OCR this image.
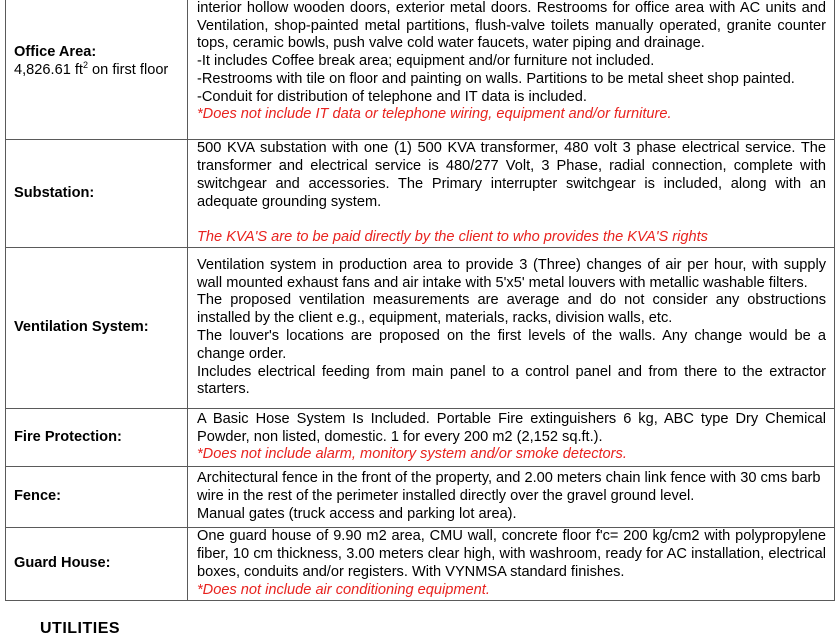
Office Area:
4,826.61 $ft^2$ on first floor	interior hollow wooden doors, exterior metal doors. Restrooms for office area with AC units and Ventilation, shop-painted metal partitions, flush-valve toilets manually operated, granite counter tops, ceramic bowls, push valve cold water faucets, water piping and drainage.
-It includes Coffee break area; equipment and/or furniture not included.
-Restrooms with tile on floor and painting on walls. Partitions to be metal sheet shop painted.
-Conduit for distribution of telephone and IT data is included.
*Does not include IT data or telephone wiring, equipment and/or furniture.

Substation:	500 KVA substation with one (1) 500 KVA transformer, 480 volt 3 phase electrical service. The transformer and electrical service is 480/277 Volt, 3 Phase, radial connection, complete with switchgear and accessories. The Primary interrupter switchgear is included, along with an adequate grounding system.
The KVA'S are to be paid directly by the client to who provides the KVA'S rights

Ventilation System:	Ventilation system in production area to provide 3 (Three) changes of air per hour, with supply wall mounted exhaust fans and air intake with 5'x5' metal louvers with metallic washable filters.
The proposed ventilation measurements are average and do not consider any obstructions installed by the client e.g., equipment, materials, racks, division walls, etc.
The louver's locations are proposed on the first levels of the walls. Any change would be a change order.
Includes electrical feeding from main panel to a control panel and from there to the extractor starters.

Fire Protection:	A Basic Hose System Is Included. Portable Fire extinguishers 6 kg, ABC type Dry Chemical Powder, non listed, domestic. 1 for every 200 m2 (2,152 sq.ft.).
*Does not include alarm, monitory system and/or smoke detectors.

Fence:	Architectural fence in the front of the property, and 2.00 meters chain link fence with 30 cms barb wire in the rest of the perimeter installed directly over the gravel ground level.
Manual gates (truck access and parking lot area).

Guard House:	One guard house of 9.90 m2 area, CMU wall, concrete floor f'c= 200 kg/cm2 with polypropylene fiber, 10 cm thickness, 3.00 meters clear high, with washroom, ready for AC installation, electrical boxes, conduits and/or registers. With VYNMSA standard finishes.
*Does not include air conditioning equipment.
UTILITIES
